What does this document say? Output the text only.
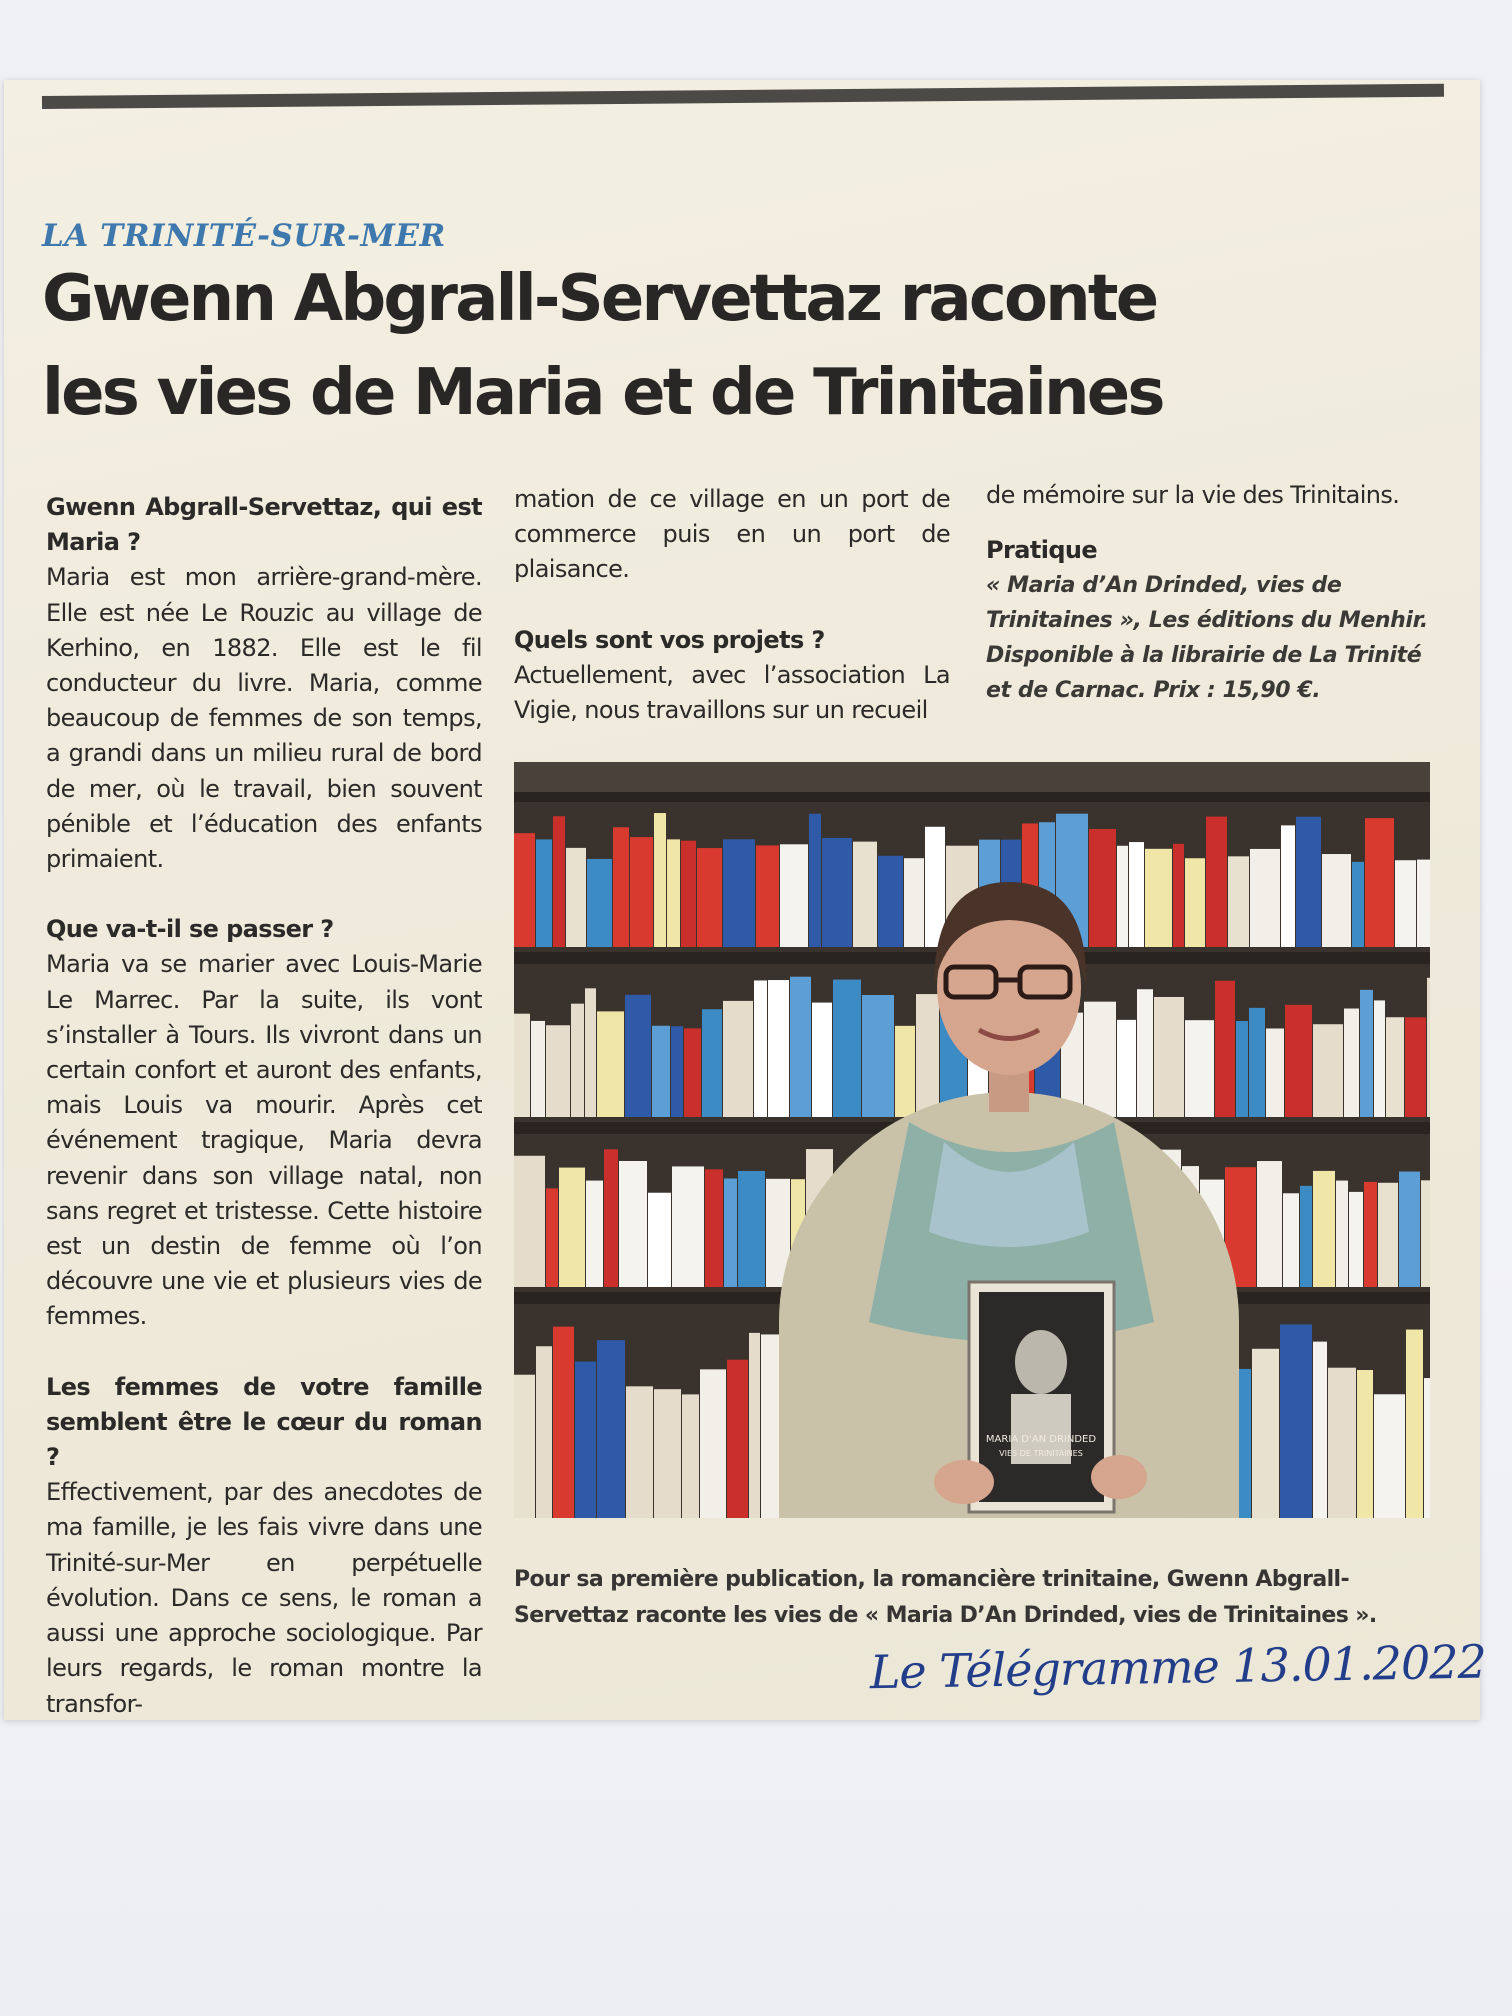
LA TRINITÉ-SUR-MER
Gwenn Abgrall-Servettaz raconte
les vies de Maria et de Trinitaines
Gwenn Abgrall-Servettaz, qui est Maria ?
Maria est mon arrière-grand-mère. Elle est née Le Rouzic au village de Kerhino, en 1882. Elle est le fil conducteur du livre. Maria, comme beaucoup de femmes de son temps, a grandi dans un milieu rural de bord de mer, où le travail, bien souvent pénible et l’éducation des enfants primaient.
Que va-t-il se passer ?
Maria va se marier avec Louis-Marie Le Marrec. Par la suite, ils vont s’installer à Tours. Ils vivront dans un certain confort et auront des enfants, mais Louis va mourir. Après cet événement tragique, Maria devra revenir dans son village natal, non sans regret et tristesse. Cette histoire est un destin de femme où l’on découvre une vie et plusieurs vies de femmes.
Les femmes de votre famille semblent être le cœur du roman ?
Effectivement, par des anecdotes de ma famille, je les fais vivre dans une Trinité-sur-Mer en perpétuelle évolution. Dans ce sens, le roman a aussi une approche sociologique. Par leurs regards, le roman montre la transfor-
mation de ce village en un port de commerce puis en un port de plaisance.
Quels sont vos projets ?
Actuellement, avec l’association La Vigie, nous travaillons sur un recueil
de mémoire sur la vie des Trinitains.
Pratique
« Maria d’An Drinded, vies de Trinitaines », Les éditions du Menhir. Disponible à la librairie de La Trinité et de Carnac. Prix : 15,90 €.
MARIA D'AN DRINDED
VIES DE TRINITAINES
Pour sa première publication, la romancière trinitaine, Gwenn Abgrall-Servettaz raconte les vies de « Maria D’An Drinded, vies de Trinitaines ».
Le Télégramme 13.01.2022
